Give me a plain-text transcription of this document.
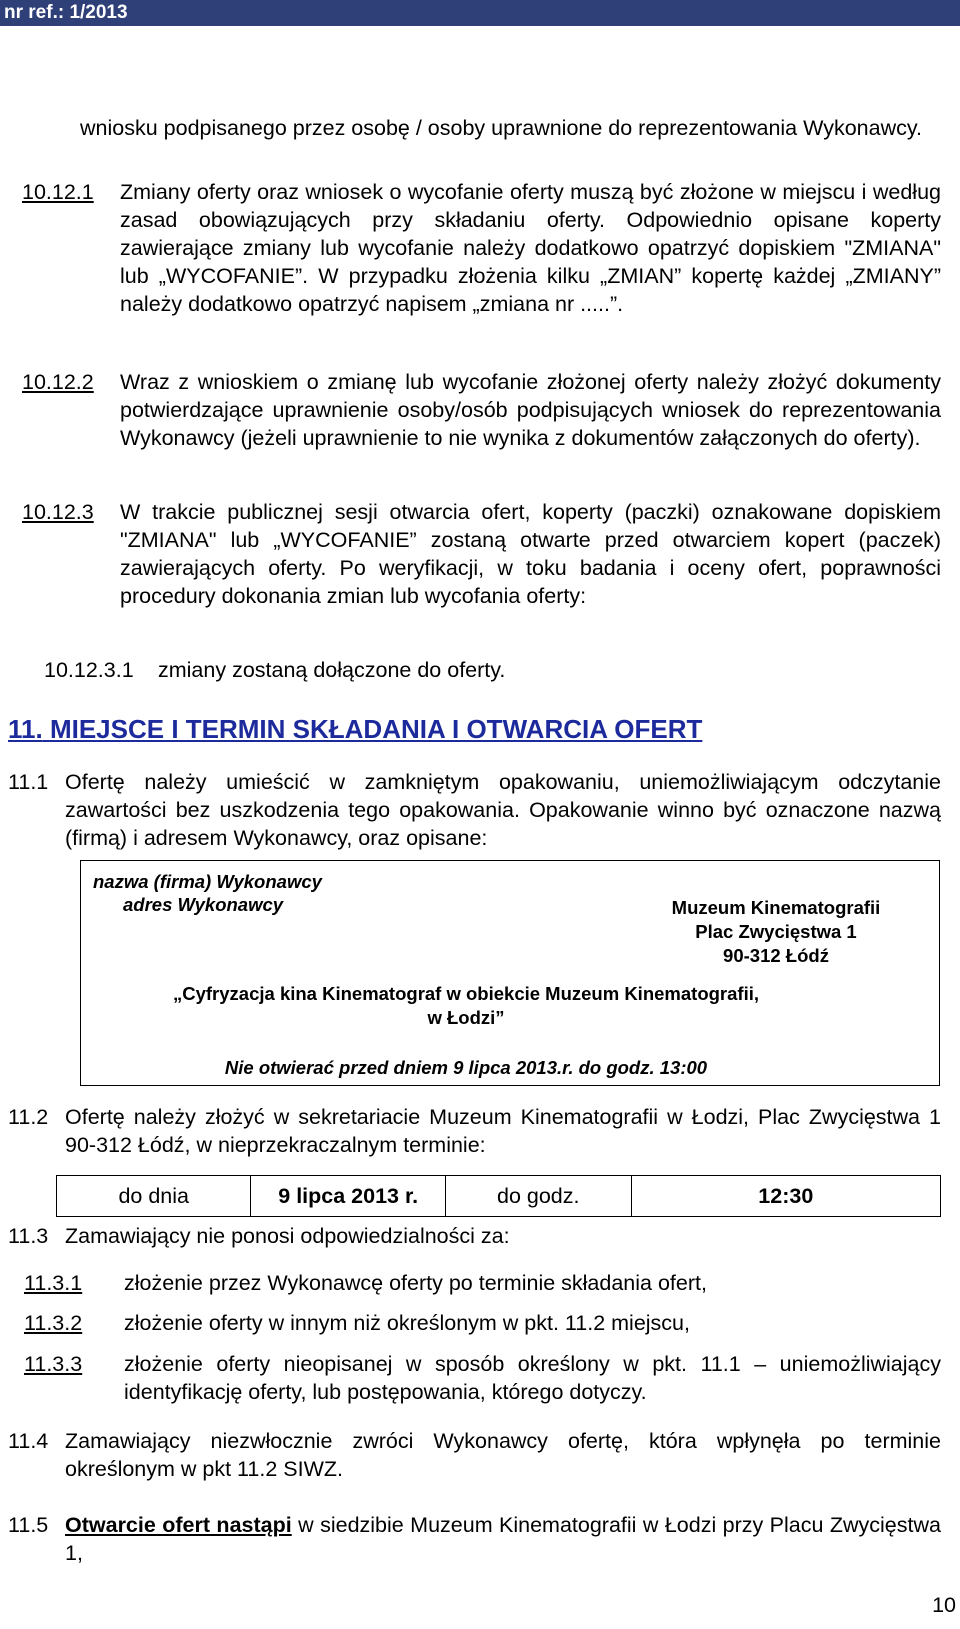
nr ref.: 1/2013
wniosku podpisanego przez osobę / osoby uprawnione do reprezentowania Wykonawcy.
10.12.1 Zmiany oferty oraz wniosek o wycofanie oferty muszą być złożone w miejscu i według zasad obowiązujących przy składaniu oferty. Odpowiednio opisane koperty zawierające zmiany lub wycofanie należy dodatkowo opatrzyć dopiskiem "ZMIANA" lub „WYCOFANIE”. W przypadku złożenia kilku „ZMIAN” kopertę każdej „ZMIANY” należy dodatkowo opatrzyć napisem „zmiana nr .....”.
10.12.2 Wraz z wnioskiem o zmianę lub wycofanie złożonej oferty należy złożyć dokumenty potwierdzające uprawnienie osoby/osób podpisujących wniosek do reprezentowania Wykonawcy (jeżeli uprawnienie to nie wynika z dokumentów załączonych do oferty).
10.12.3 W trakcie publicznej sesji otwarcia ofert, koperty (paczki) oznakowane dopiskiem "ZMIANA" lub „WYCOFANIE” zostaną otwarte przed otwarciem kopert (paczek) zawierających oferty. Po weryfikacji, w toku badania i oceny ofert, poprawności procedury dokonania zmian lub wycofania oferty:
10.12.3.1 zmiany zostaną dołączone do oferty.
11. MIEJSCE I TERMIN SKŁADANIA I OTWARCIA OFERT
11.1 Ofertę należy umieścić w zamkniętym opakowaniu, uniemożliwiającym odczytanie zawartości bez uszkodzenia tego opakowania. Opakowanie winno być oznaczone nazwą (firmą) i adresem Wykonawcy, oraz opisane:
nazwa (firma) Wykonawcy
adres Wykonawcy	Muzeum Kinematografii
Plac Zwycięstwa 1
90-312 Łódź
„Cyfryzacja kina Kinematograf w obiekcie Muzeum Kinematografii,
w Łodzi”
Nie otwierać przed dniem 9 lipca 2013.r. do godz. 13:00
11.2 Ofertę należy złożyć w sekretariacie Muzeum Kinematografii w Łodzi, Plac Zwycięstwa 1 90-312 Łódź, w nieprzekraczalnym terminie:
do dnia	9 lipca 2013 r.	do godz.	12:30
11.3 Zamawiający nie ponosi odpowiedzialności za:
11.3.1 złożenie przez Wykonawcę oferty po terminie składania ofert,
11.3.2 złożenie oferty w innym niż określonym w pkt. 11.2 miejscu,
11.3.3 złożenie oferty nieopisanej w sposób określony w pkt. 11.1 – uniemożliwiający identyfikację oferty, lub postępowania, którego dotyczy.
11.4 Zamawiający niezwłocznie zwróci Wykonawcy ofertę, która wpłynęła po terminie określonym w pkt 11.2 SIWZ.
11.5 Otwarcie ofert nastąpi w siedzibie Muzeum Kinematografii w Łodzi przy Placu Zwycięstwa 1,
10
